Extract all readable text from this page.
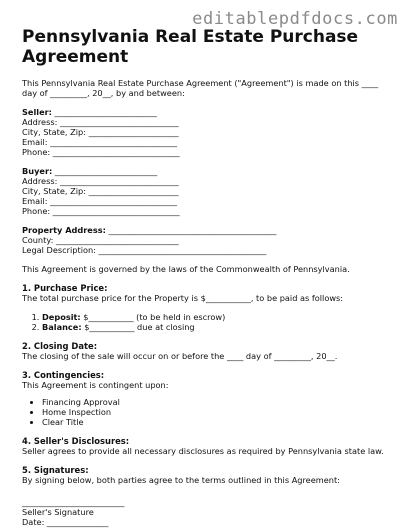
editablepdfdocs.com
Pennsylvania Real Estate Purchase Agreement

This Pennsylvania Real Estate Purchase Agreement ("Agreement") is made on this ____ day of _________, 20__, by and between:

Seller: _________________________

Address: _____________________________

City, State, Zip: ______________________

Email: _______________________________

Phone: _______________________________

Buyer: _________________________

Address: _____________________________

City, State, Zip: ______________________

Email: _______________________________

Phone: _______________________________

Property Address: _________________________________________

County: ______________________________

Legal Description: _________________________________________

This Agreement is governed by the laws of the Commonwealth of Pennsylvania.

1. Purchase Price:

The total purchase price for the Property is $___________, to be paid as follows:

1. Deposit: $___________ (to be held in escrow)
2. Balance: $___________ due at closing
2. Closing Date:

The closing of the sale will occur on or before the ____ day of _________, 20__.

3. Contingencies:

This Agreement is contingent upon:

• Financing Approval
• Home Inspection
• Clear Title
4. Seller's Disclosures:

Seller agrees to provide all necessary disclosures as required by Pennsylvania state law.

5. Signatures:

By signing below, both parties agree to the terms outlined in this Agreement:

_________________________

Seller's Signature

Date: _______________
